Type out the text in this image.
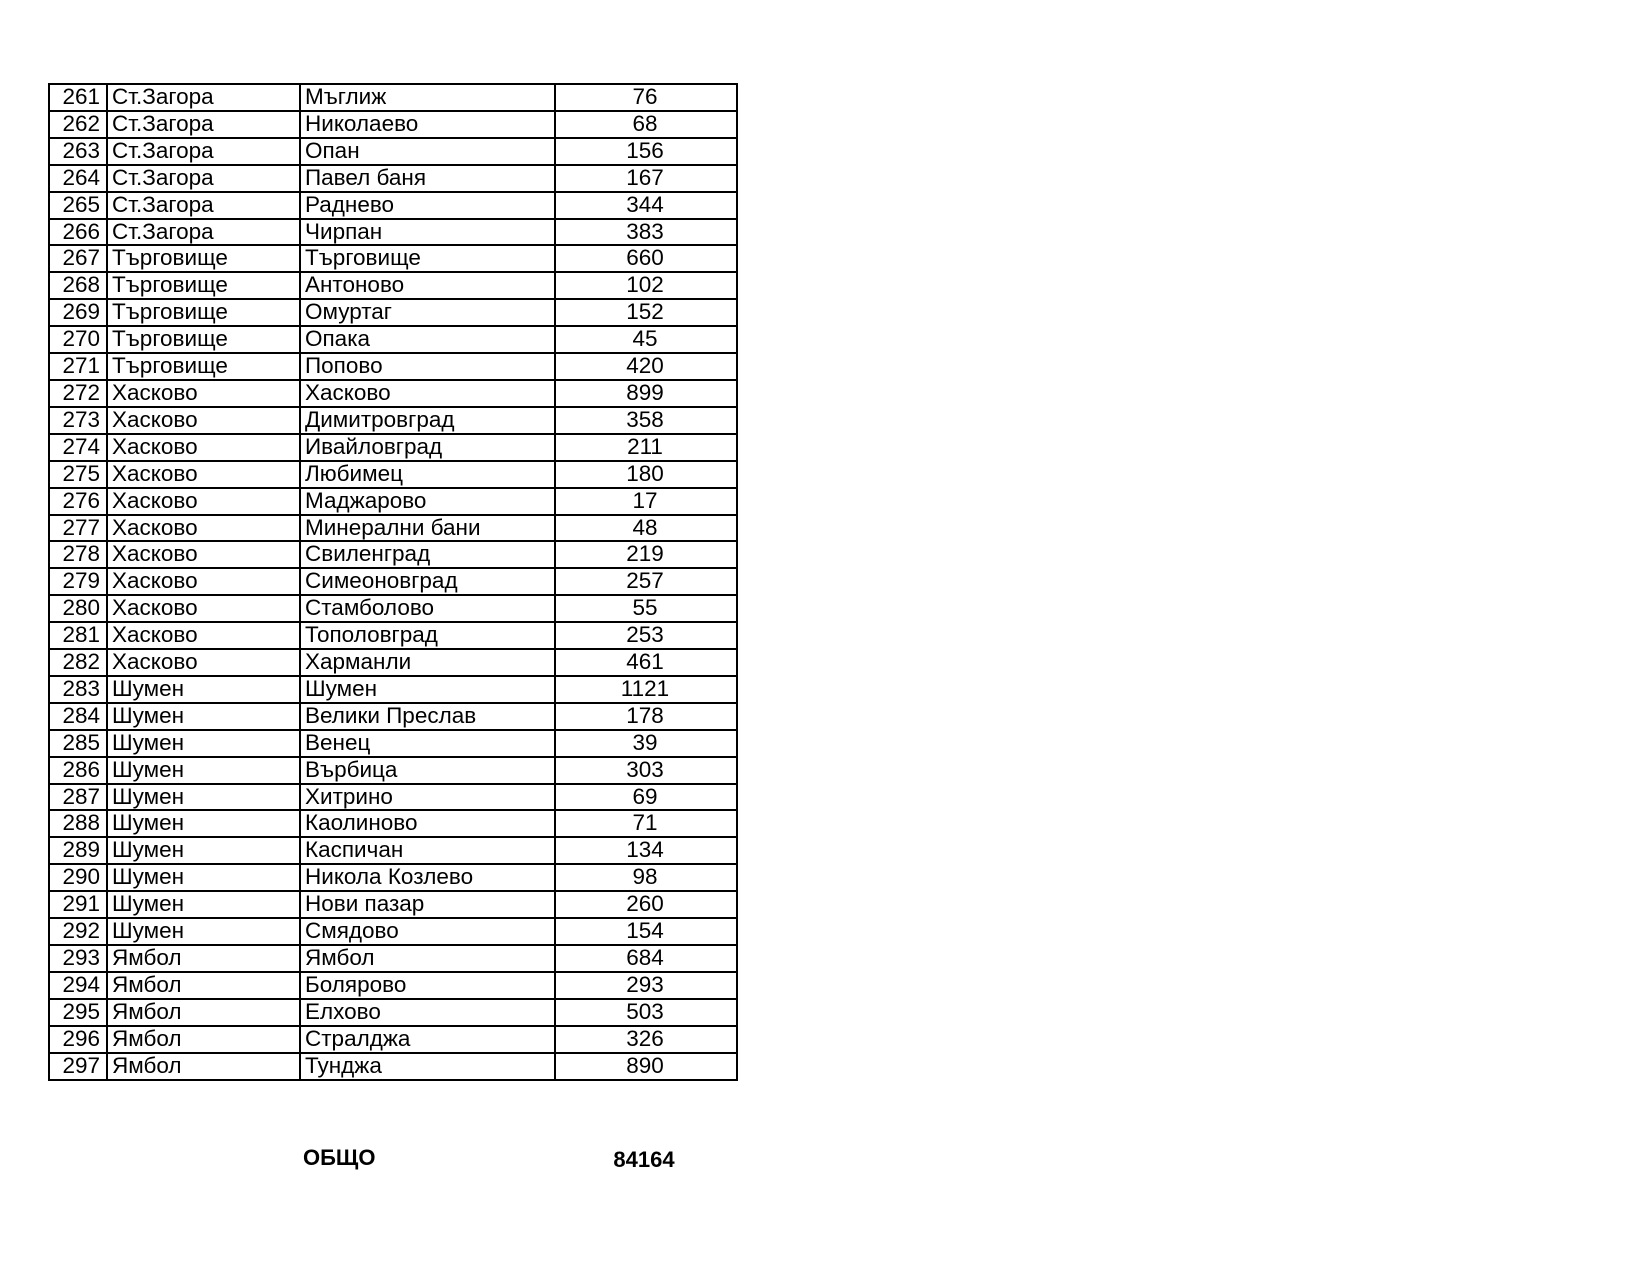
261	Ст.Загора	Мъглиж	76
262	Ст.Загора	Николаево	68
263	Ст.Загора	Опан	156
264	Ст.Загора	Павел баня	167
265	Ст.Загора	Раднево	344
266	Ст.Загора	Чирпан	383
267	Търговище	Търговище	660
268	Търговище	Антоново	102
269	Търговище	Омуртаг	152
270	Търговище	Опака	45
271	Търговище	Попово	420
272	Хасково	Хасково	899
273	Хасково	Димитровград	358
274	Хасково	Ивайловград	211
275	Хасково	Любимец	180
276	Хасково	Маджарово	17
277	Хасково	Минерални бани	48
278	Хасково	Свиленград	219
279	Хасково	Симеоновград	257
280	Хасково	Стамболово	55
281	Хасково	Тополовград	253
282	Хасково	Харманли	461
283	Шумен	Шумен	1121
284	Шумен	Велики Преслав	178
285	Шумен	Венец	39
286	Шумен	Върбица	303
287	Шумен	Хитрино	69
288	Шумен	Каолиново	71
289	Шумен	Каспичан	134
290	Шумен	Никола Козлево	98
291	Шумен	Нови пазар	260
292	Шумен	Смядово	154
293	Ямбол	Ямбол	684
294	Ямбол	Болярово	293
295	Ямбол	Елхово	503
296	Ямбол	Стралджа	326
297	Ямбол	Тунджа	890
ОБЩО	84164
